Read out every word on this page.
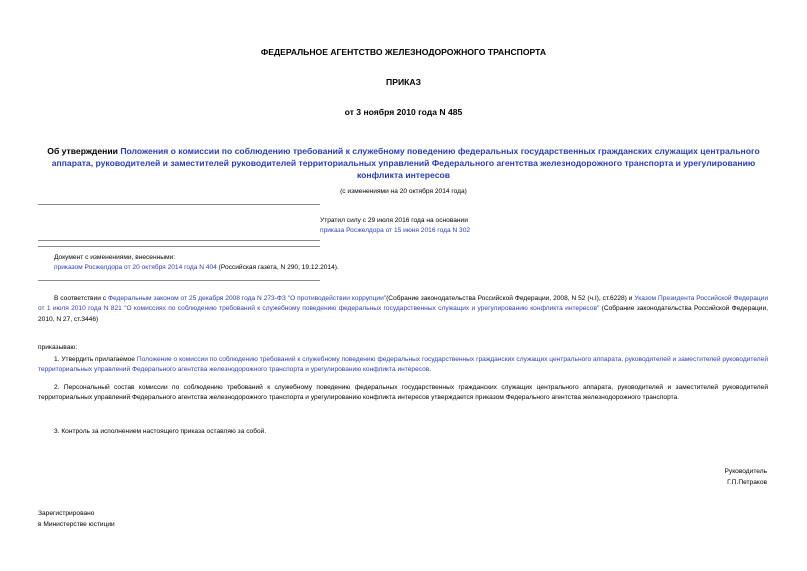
ФЕДЕРАЛЬНОЕ АГЕНТСТВО ЖЕЛЕЗНОДОРОЖНОГО ТРАНСПОРТА
ПРИКАЗ
от 3 ноября 2010 года N 485
Об утверждении Положения о комиссии по соблюдению требований к служебному поведению федеральных государственных гражданских служащих центрального аппарата, руководителей и заместителей руководителей территориальных управлений Федерального агентства железнодорожного транспорта и урегулированию конфликта интересов
(с изменениями на 20 октября 2014 года)
Утратил силу с 29 июля 2016 года на основании
приказа Росжелдора от 15 июня 2016 года N 302
Документ с изменениями, внесенными:
приказом Росжелдора от 20 октября 2014 года N 404 (Российская газета, N 290, 19.12.2014).
В соответствии с Федеральным законом от 25 декабря 2008 года N 273-ФЗ "О противодействии коррупции"(Собрание законодательства Российской Федерации, 2008, N 52 (ч.I), ст.6228) и Указом Президента Российской Федерации от 1 июля 2010 года N 821 "О комиссиях по соблюдению требований к служебному поведению федеральных государственных служащих и урегулированию конфликта интересов" (Собрание законодательства Российской Федерации, 2010, N 27, ст.3446)
приказываю:
1. Утвердить прилагаемое Положение о комиссии по соблюдению требований к служебному поведению федеральных государственных гражданских служащих центрального аппарата, руководителей и заместителей руководителей территориальных управлений Федерального агентства железнодорожного транспорта и урегулированию конфликта интересов.
2. Персональный состав комиссии по соблюдению требований к служебному поведению федеральных государственных гражданских служащих центрального аппарата, руководителей и заместителей руководителей территориальных управлений Федерального агентства железнодорожного транспорта и урегулированию конфликта интересов утверждается приказом Федерального агентства железнодорожного транспорта.
3. Контроль за исполнением настоящего приказа оставляю за собой.
Руководитель
Г.П.Петраков
Зарегистрировано
в Министерстве юстиции
